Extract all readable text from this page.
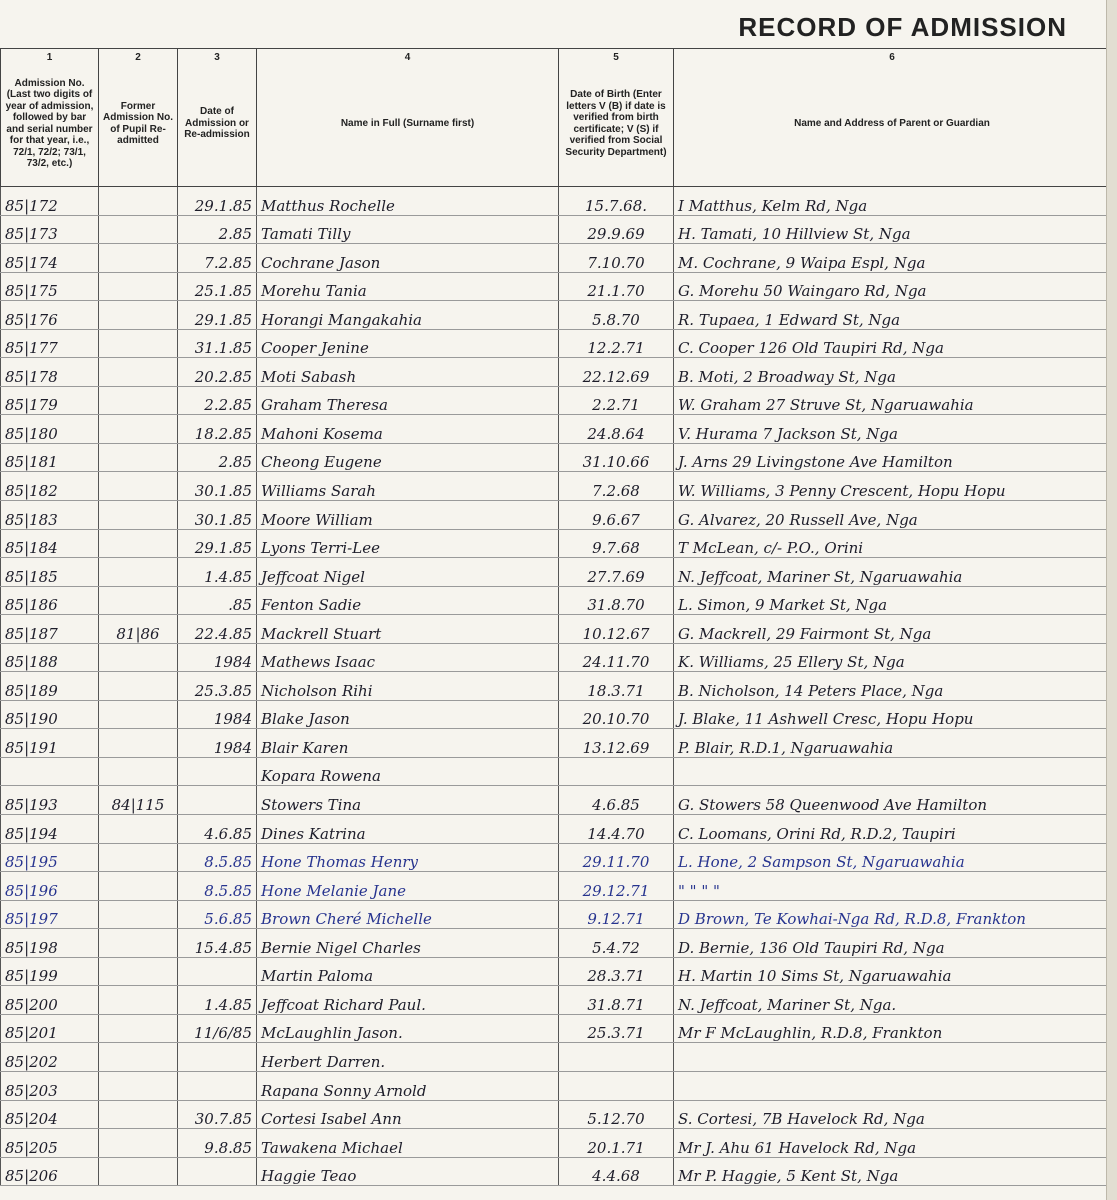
RECORD OF ADMISSION
1
Admission No. (Last two digits of year of admission, followed by bar and serial number for that year, i.e., 72/1, 72/2; 73/1, 73/2, etc.)	2
Former Admission No. of Pupil Re-admitted	3
Date of Admission or Re-admission	4
Name in Full (Surname first)	5
Date of Birth (Enter letters V (B) if date is verified from birth certificate; V (S) if verified from Social Security Department)	6
Name and Address of Parent or Guardian

85|172		29.1.85	Matthus Rochelle	15.7.68.	I Matthus, Kelm Rd, Nga
85|173		2.85	Tamati Tilly	29.9.69	H. Tamati, 10 Hillview St, Nga
85|174		7.2.85	Cochrane Jason	7.10.70	M. Cochrane, 9 Waipa Espl, Nga
85|175		25.1.85	Morehu Tania	21.1.70	G. Morehu 50 Waingaro Rd, Nga
85|176		29.1.85	Horangi Mangakahia	5.8.70	R. Tupaea, 1 Edward St, Nga
85|177		31.1.85	Cooper Jenine	12.2.71	C. Cooper 126 Old Taupiri Rd, Nga
85|178		20.2.85	Moti Sabash	22.12.69	B. Moti, 2 Broadway St, Nga
85|179		2.2.85	Graham Theresa	2.2.71	W. Graham 27 Struve St, Ngaruawahia
85|180		18.2.85	Mahoni Kosema	24.8.64	V. Hurama 7 Jackson St, Nga
85|181		2.85	Cheong Eugene	31.10.66	J. Arns 29 Livingstone Ave Hamilton
85|182		30.1.85	Williams Sarah	7.2.68	W. Williams, 3 Penny Crescent, Hopu Hopu
85|183		30.1.85	Moore William	9.6.67	G. Alvarez, 20 Russell Ave, Nga
85|184		29.1.85	Lyons Terri-Lee	9.7.68	T McLean, c/- P.O., Orini
85|185		1.4.85	Jeffcoat Nigel	27.7.69	N. Jeffcoat, Mariner St, Ngaruawahia
85|186		.85	Fenton Sadie	31.8.70	L. Simon, 9 Market St, Nga
85|187	81|86	22.4.85	Mackrell Stuart	10.12.67	G. Mackrell, 29 Fairmont St, Nga
85|188		1984	Mathews Isaac	24.11.70	K. Williams, 25 Ellery St, Nga
85|189		25.3.85	Nicholson Rihi	18.3.71	B. Nicholson, 14 Peters Place, Nga
85|190		1984	Blake Jason	20.10.70	J. Blake, 11 Ashwell Cresc, Hopu Hopu
85|191		1984	Blair Karen	13.12.69	P. Blair, R.D.1, Ngaruawahia
			Kopara Rowena		
85|193	84|115		Stowers Tina	4.6.85	G. Stowers 58 Queenwood Ave Hamilton
85|194		4.6.85	Dines Katrina	14.4.70	C. Loomans, Orini Rd, R.D.2, Taupiri
85|195		8.5.85	Hone Thomas Henry	29.11.70	L. Hone, 2 Sampson St, Ngaruawahia
85|196		8.5.85	Hone Melanie Jane	29.12.71	" " " "
85|197		5.6.85	Brown Cheré Michelle	9.12.71	D Brown, Te Kowhai-Nga Rd, R.D.8, Frankton
85|198		15.4.85	Bernie Nigel Charles	5.4.72	D. Bernie, 136 Old Taupiri Rd, Nga
85|199			Martin Paloma	28.3.71	H. Martin 10 Sims St, Ngaruawahia
85|200		1.4.85	Jeffcoat Richard Paul.	31.8.71	N. Jeffcoat, Mariner St, Nga.
85|201		11/6/85	McLaughlin Jason.	25.3.71	Mr F McLaughlin, R.D.8, Frankton
85|202			Herbert Darren.		
85|203			Rapana Sonny Arnold		
85|204		30.7.85	Cortesi Isabel Ann	5.12.70	S. Cortesi, 7B Havelock Rd, Nga
85|205		9.8.85	Tawakena Michael	20.1.71	Mr J. Ahu 61 Havelock Rd, Nga
85|206			Haggie Teao	4.4.68	Mr P. Haggie, 5 Kent St, Nga
